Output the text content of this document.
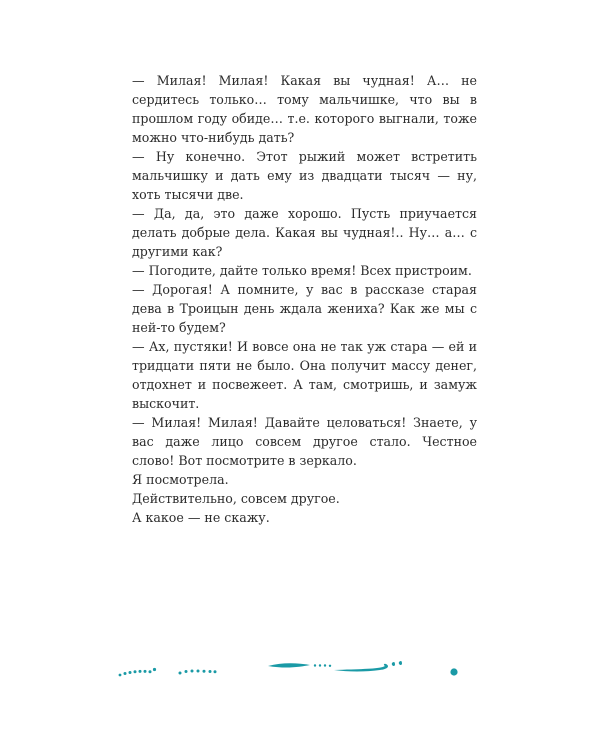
— Милая! Милая! Какая вы чудная! А… не сердитесь только… тому мальчишке, что вы в прошлом году обиде… т.е. которого выгнали, тоже можно что-нибудь дать?

— Ну конечно. Этот рыжий может встретить мальчишку и дать ему из двадцати тысяч — ну, хоть тысячи две.

— Да, да, это даже хорошо. Пусть приучается делать добрые дела. Какая вы чудная!.. Ну… а… с другими как?

— Погодите, дайте только время! Всех пристроим.

— Дорогая! А помните, у вас в рассказе старая дева в Троицын день ждала жениха? Как же мы с ней-то будем?

— Ах, пустяки! И вовсе она не так уж стара — ей и тридцати пяти не было. Она получит массу денег, отдохнет и посвежеет. А там, смотришь, и замуж выскочит.

— Милая! Милая! Давайте целоваться! Знаете, у вас даже лицо совсем другое стало. Честное слово! Вот посмотрите в зеркало.

Я посмотрела.

Действительно, совсем другое.

А какое — не скажу.
